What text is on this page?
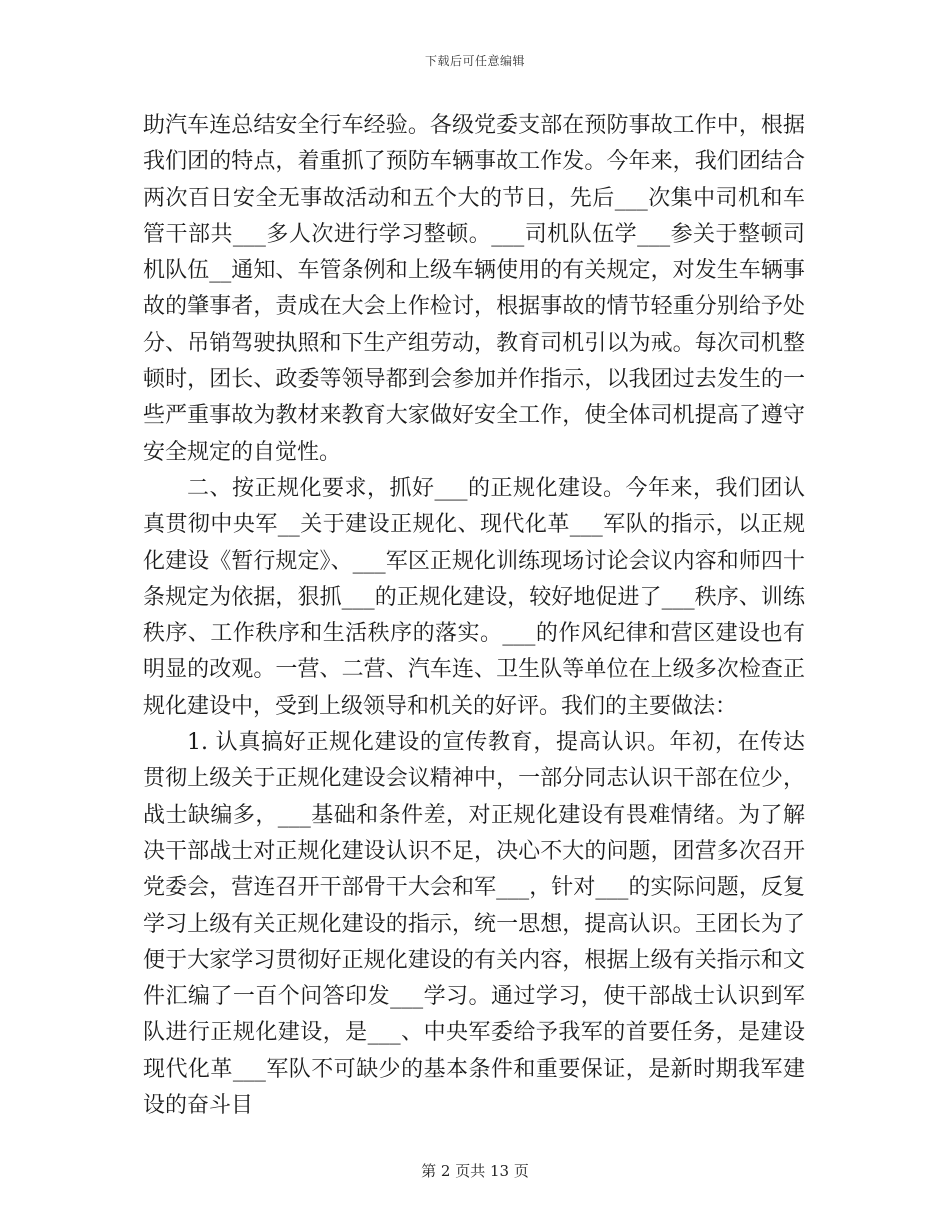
下载后可任意编辑

助汽车连总结安全行车经验。各级党委支部在预防事故工作中，根据我们团的特点，着重抓了预防车辆事故工作发。今年来，我们团结合两次百日安全无事故活动和五个大的节日，先后___次集中司机和车管干部共___多人次进行学习整顿。___司机队伍学___参关于整顿司机队伍__通知、车管条例和上级车辆使用的有关规定，对发生车辆事故的肇事者，责成在大会上作检讨，根据事故的情节轻重分别给予处分、吊销驾驶执照和下生产组劳动，教育司机引以为戒。每次司机整顿时，团长、政委等领导都到会参加并作指示，以我团过去发生的一些严重事故为教材来教育大家做好安全工作，使全体司机提高了遵守安全规定的自觉性。

二、按正规化要求，抓好___的正规化建设。今年来，我们团认真贯彻中央军__关于建设正规化、现代化革___军队的指示，以正规化建设《暂行规定》、___军区正规化训练现场讨论会议内容和师四十条规定为依据，狠抓___的正规化建设，较好地促进了___秩序、训练秩序、工作秩序和生活秩序的落实。___的作风纪律和营区建设也有明显的改观。一营、二营、汽车连、卫生队等单位在上级多次检查正规化建设中，受到上级领导和机关的好评。我们的主要做法：

1. 认真搞好正规化建设的宣传教育，提高认识。年初，在传达贯彻上级关于正规化建设会议精神中，一部分同志认识干部在位少，战士缺编多，___基础和条件差，对正规化建设有畏难情绪。为了解决干部战士对正规化建设认识不足，决心不大的问题，团营多次召开党委会，营连召开干部骨干大会和军___，针对___的实际问题，反复学习上级有关正规化建设的指示，统一思想，提高认识。王团长为了便于大家学习贯彻好正规化建设的有关内容，根据上级有关指示和文件汇编了一百个问答印发___学习。通过学习，使干部战士认识到军队进行正规化建设，是___、中央军委给予我军的首要任务，是建设现代化革___军队不可缺少的基本条件和重要保证，是新时期我军建设的奋斗目

第 2 页共 13 页
